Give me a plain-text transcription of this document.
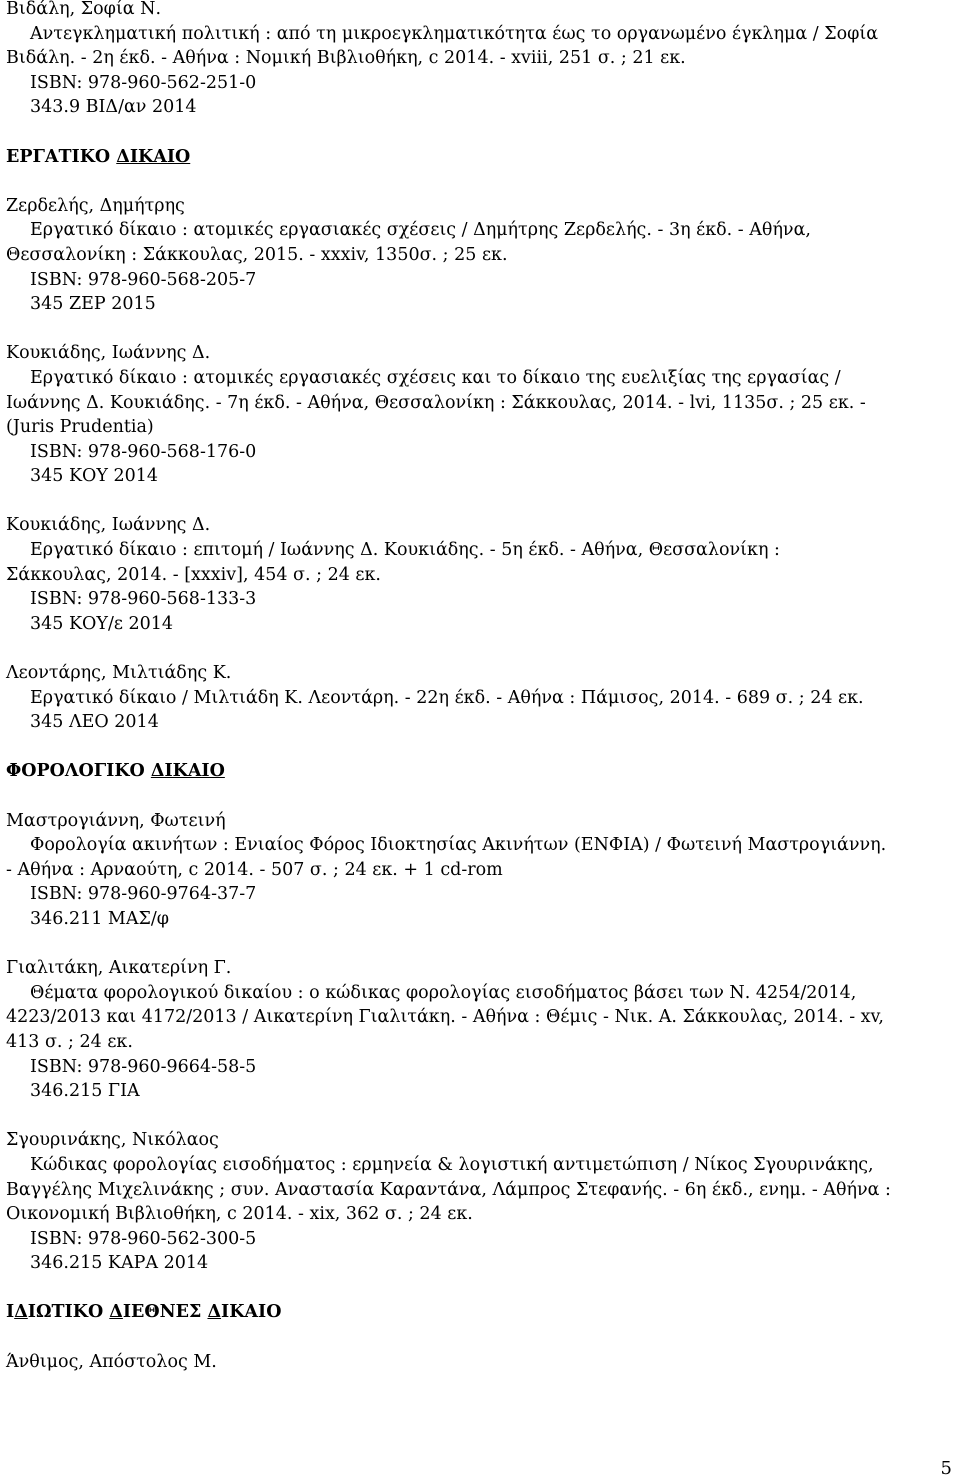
Βιδάλη, Σοφία Ν.
Αντεγκληματική πολιτική : από τη μικροεγκληματικότητα έως το οργανωμένο έγκλημα / Σοφία
Βιδάλη. - 2η έκδ. - Αθήνα : Νομική Βιβλιοθήκη, c 2014. - xviii, 251 σ. ; 21 εκ.
ISBN: 978-960-562-251-0
343.9 ΒΙΔ/αν 2014
ΕΡΓΑΤΙΚΟ ΔΙΚΑΙΟ
Ζερδελής, Δημήτρης
Εργατικό δίκαιο : ατομικές εργασιακές σχέσεις / Δημήτρης Ζερδελής. - 3η έκδ. - Αθήνα,
Θεσσαλονίκη : Σάκκουλας, 2015. - xxxiv, 1350σ. ; 25 εκ.
ISBN: 978-960-568-205-7
345 ΖΕΡ 2015
Κουκιάδης, Ιωάννης Δ.
Εργατικό δίκαιο : ατομικές εργασιακές σχέσεις και το δίκαιο της ευελιξίας της εργασίας /
Ιωάννης Δ. Κουκιάδης. - 7η έκδ. - Αθήνα, Θεσσαλονίκη : Σάκκουλας, 2014. - lvi, 1135σ. ; 25 εκ. -
(Juris Prudentia)
ISBN: 978-960-568-176-0
345 ΚΟΥ 2014
Κουκιάδης, Ιωάννης Δ.
Εργατικό δίκαιο : επιτομή / Ιωάννης Δ. Κουκιάδης. - 5η έκδ. - Αθήνα, Θεσσαλονίκη :
Σάκκουλας, 2014. - [xxxiv], 454 σ. ; 24 εκ.
ISBN: 978-960-568-133-3
345 ΚΟΥ/ε 2014
Λεοντάρης, Μιλτιάδης Κ.
Εργατικό δίκαιο / Μιλτιάδη Κ. Λεοντάρη. - 22η έκδ. - Αθήνα : Πάμισος, 2014. - 689 σ. ; 24 εκ.
345 ΛΕΟ 2014
ΦΟΡΟΛΟΓΙΚΟ ΔΙΚΑΙΟ
Μαστρογιάννη, Φωτεινή
Φορολογία ακινήτων : Ενιαίος Φόρος Ιδιοκτησίας Ακινήτων (ΕΝΦΙΑ) / Φωτεινή Μαστρογιάννη.
- Αθήνα : Αρναούτη, c 2014. - 507 σ. ; 24 εκ. + 1 cd-rom
ISBN: 978-960-9764-37-7
346.211 ΜΑΣ/φ
Γιαλιτάκη, Αικατερίνη Γ.
Θέματα φορολογικού δικαίου : ο κώδικας φορολογίας εισοδήματος βάσει των Ν. 4254/2014,
4223/2013 και 4172/2013 / Αικατερίνη Γιαλιτάκη. - Αθήνα : Θέμις - Νικ. Α. Σάκκουλας, 2014. - xv,
413 σ. ; 24 εκ.
ISBN: 978-960-9664-58-5
346.215 ΓΙΑ
Σγουρινάκης, Νικόλαος
Κώδικας φορολογίας εισοδήματος : ερμηνεία & λογιστική αντιμετώπιση / Νίκος Σγουρινάκης,
Βαγγέλης Μιχελινάκης ; συν. Αναστασία Καραντάνα, Λάμπρος Στεφανής. - 6η έκδ., ενημ. - Αθήνα :
Οικονομική Βιβλιοθήκη, c 2014. - xix, 362 σ. ; 24 εκ.
ISBN: 978-960-562-300-5
346.215 ΚΑΡΑ 2014
ΙΔΙΩΤΙΚΟ ΔΙΕΘΝΕΣ ΔΙΚΑΙΟ
Άνθιμος, Απόστολος Μ.
5
